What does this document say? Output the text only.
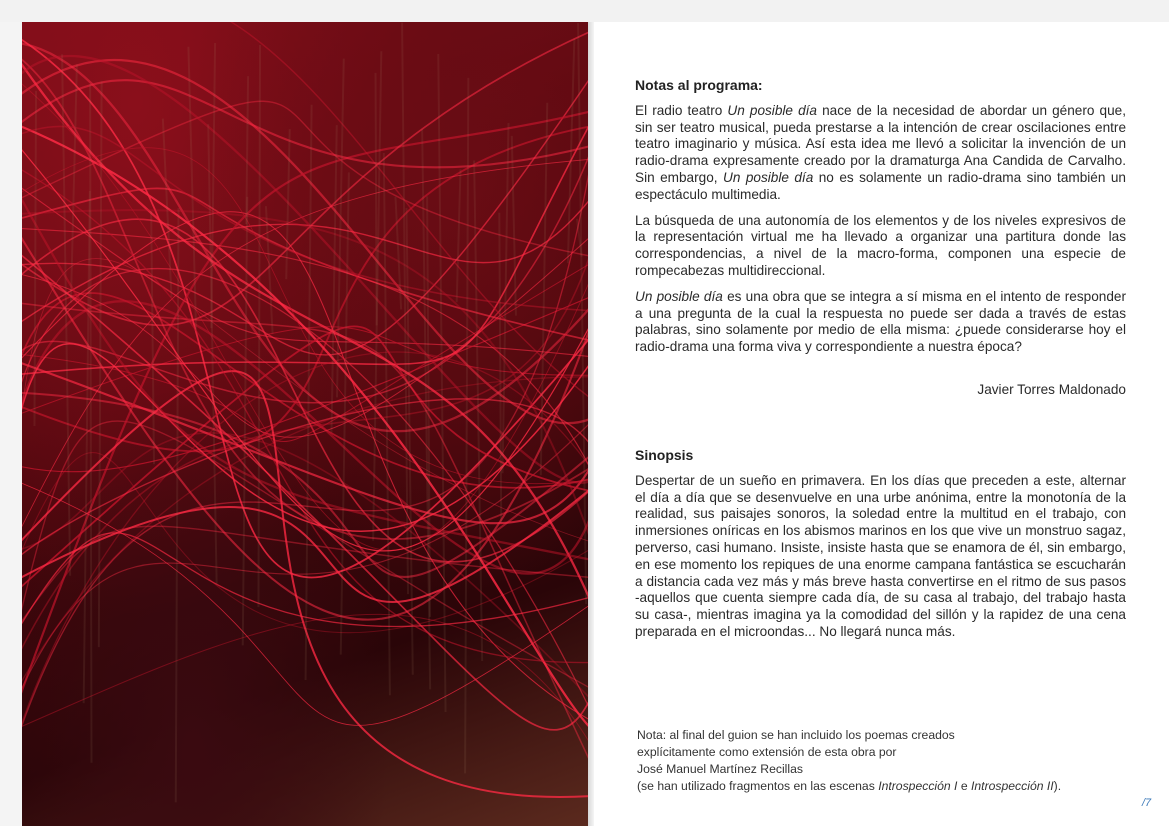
Notas al programa:

El radio teatro Un posible día nace de la necesidad de abordar un género que, sin ser teatro musical, pueda prestarse a la intención de crear oscilaciones entre teatro imaginario y música. Así esta idea me llevó a solicitar la invención de un radio-drama expresamente creado por la dramaturga Ana Candida de Carvalho. Sin embargo, Un posible día no es solamente un radio-drama sino también un espectáculo multimedia.

La búsqueda de una autonomía de los elementos y de los niveles expresivos de la representación virtual me ha llevado a organizar una partitura donde las correspondencias, a nivel de la macro-forma, componen una especie de rompecabezas multidireccional.

Un posible día es una obra que se integra a sí misma en el intento de responder a una pregunta de la cual la respuesta no puede ser dada a través de estas palabras, sino solamente por medio de ella misma: ¿puede considerarse hoy el radio-drama una forma viva y correspondiente a nuestra época?

Javier Torres Maldonado

Sinopsis

Despertar de un sueño en primavera. En los días que preceden a este, alternar el día a día que se desenvuelve en una urbe anónima, entre la monotonía de la realidad, sus paisajes sonoros, la soledad entre la multitud en el trabajo, con inmersiones oníricas en los abismos marinos en los que vive un monstruo sagaz, perverso, casi humano. Insiste, insiste hasta que se enamora de él, sin embargo, en ese momento los repiques de una enorme campana fantástica se escucharán a distancia cada vez más y más breve hasta convertirse en el ritmo de sus pasos -aquellos que cuenta siempre cada día, de su casa al trabajo, del trabajo hasta su casa-, mientras imagina ya la comodidad del sillón y la rapidez de una cena preparada en el microondas... No llegará nunca más.

Nota: al final del guion se han incluido los poemas creados
explícitamente como extensión de esta obra por
José Manuel Martínez Recillas
(se han utilizado fragmentos en las escenas Introspección I e Introspección II).
/7
